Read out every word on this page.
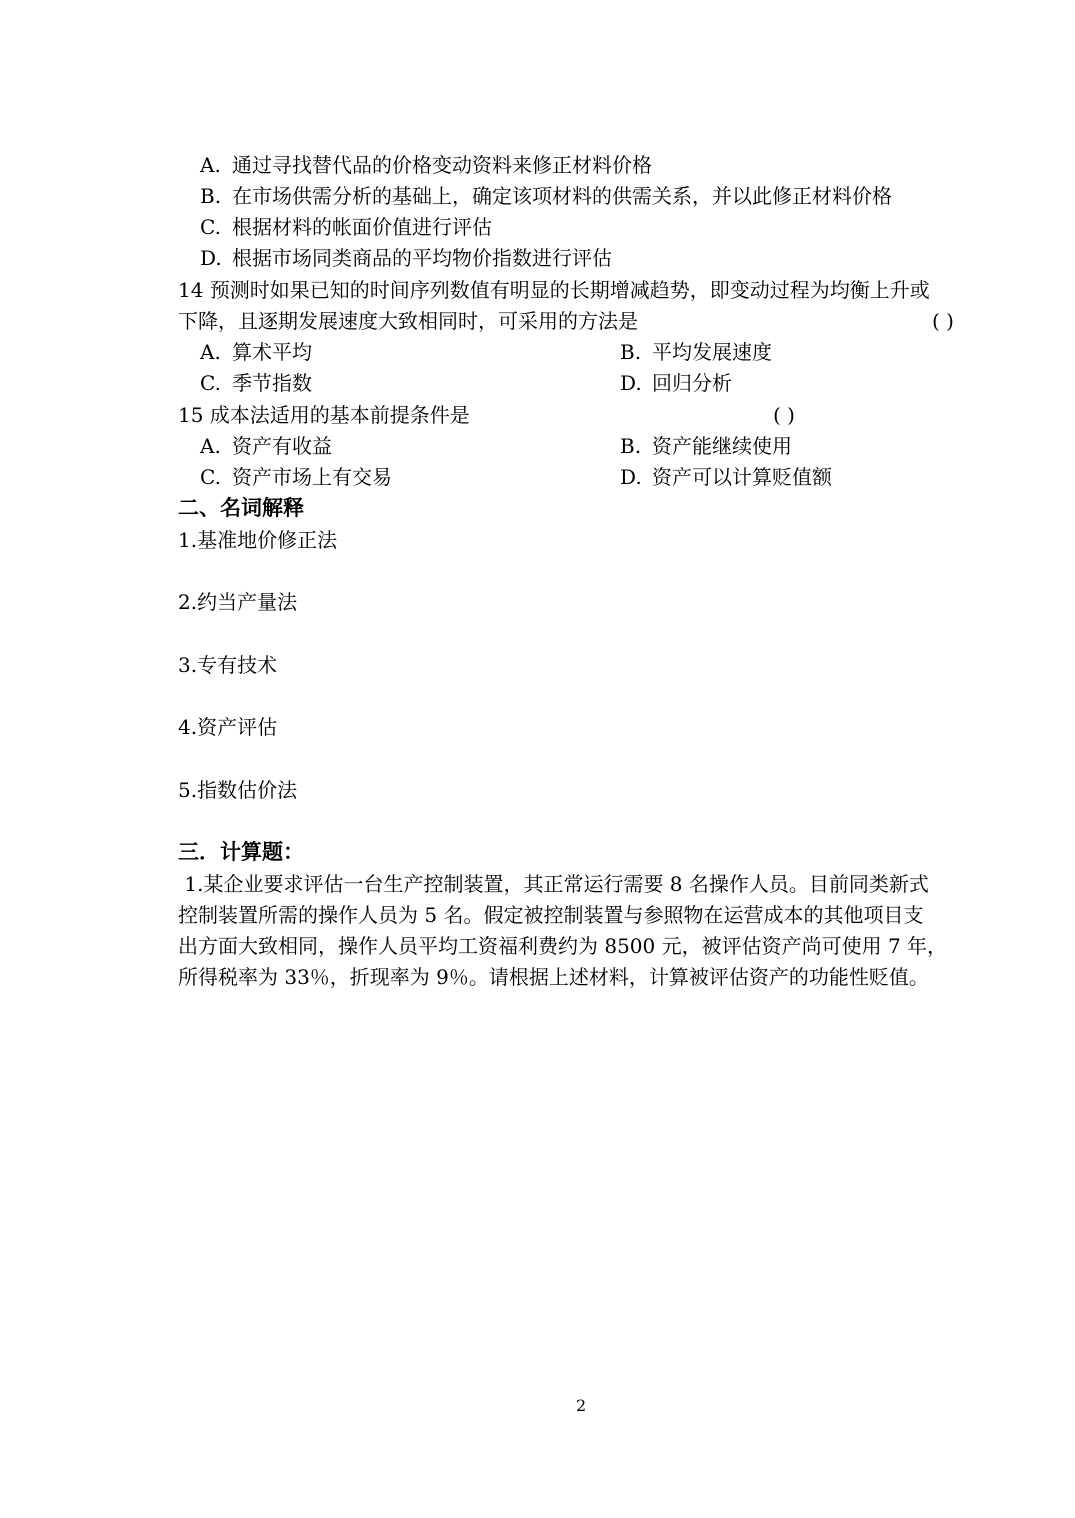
A. 通过寻找替代品的价格变动资料来修正材料价格
B. 在市场供需分析的基础上，确定该项材料的供需关系，并以此修正材料价格
C. 根据材料的帐面价值进行评估
D. 根据市场同类商品的平均物价指数进行评估
14 预测时如果已知的时间序列数值有明显的长期增减趋势，即变动过程为均衡上升或
下降，且逐期发展速度大致相同时，可采用的方法是	( )
A. 算术平均	B. 平均发展速度
C. 季节指数	D. 回归分析
15 成本法适用的基本前提条件是	( )
A. 资产有收益	B. 资产能继续使用
C. 资产市场上有交易	D. 资产可以计算贬值额
二、名词解释
1.基准地价修正法
2.约当产量法
3.专有技术
4.资产评估
5.指数估价法
三．计算题：
1.某企业要求评估一台生产控制装置，其正常运行需要 8 名操作人员。目前同类新式
控制装置所需的操作人员为 5 名。假定被控制装置与参照物在运营成本的其他项目支
出方面大致相同，操作人员平均工资福利费约为 8500 元，被评估资产尚可使用 7 年，
所得税率为 33％，折现率为 9％。请根据上述材料，计算被评估资产的功能性贬值。
2
